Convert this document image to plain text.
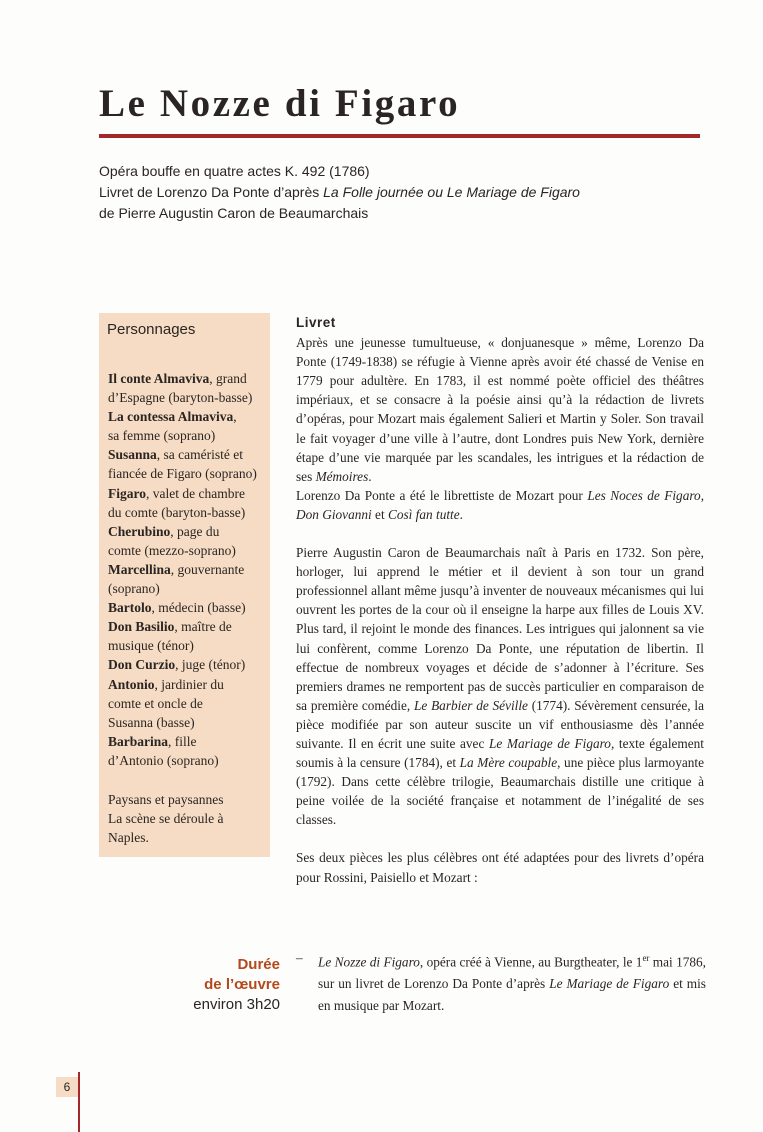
Le Nozze di Figaro
Opéra bouffe en quatre actes K. 492 (1786)
Livret de Lorenzo Da Ponte d’après La Folle journée ou Le Mariage de Figaro
de Pierre Augustin Caron de Beaumarchais
Personnages
Il conte Almaviva, grand
d’Espagne (baryton-basse)
La contessa Almaviva,
sa femme (soprano)
Susanna, sa caméristé et
fiancée de Figaro (soprano)
Figaro, valet de chambre
du comte (baryton-basse)
Cherubino, page du
comte (mezzo-soprano)
Marcellina, gouvernante
(soprano)
Bartolo, médecin (basse)
Don Basilio, maître de
musique (ténor)
Don Curzio, juge (ténor)
Antonio, jardinier du
comte et oncle de
Susanna (basse)
Barbarina, fille
d’Antonio (soprano)
Paysans et paysannes
La scène se déroule à
Naples.
Livret

Après une jeunesse tumultueuse, « donjuanesque » même, Lorenzo Da Ponte (1749-1838) se réfugie à Vienne après avoir été chassé de Venise en 1779 pour adultère. En 1783, il est nommé poète officiel des théâtres impériaux, et se consacre à la poésie ainsi qu’à la rédaction de livrets d’opéras, pour Mozart mais également Salieri et Martin y Soler. Son travail le fait voyager d’une ville à l’autre, dont Londres puis New York, dernière étape d’une vie marquée par les scandales, les intrigues et la rédaction de ses Mémoires.

Lorenzo Da Ponte a été le librettiste de Mozart pour Les Noces de Figaro, Don Giovanni et Così fan tutte.

Pierre Augustin Caron de Beaumarchais naît à Paris en 1732. Son père, horloger, lui apprend le métier et il devient à son tour un grand professionnel allant même jusqu’à inventer de nouveaux mécanismes qui lui ouvrent les portes de la cour où il enseigne la harpe aux filles de Louis XV. Plus tard, il rejoint le monde des finances. Les intrigues qui jalonnent sa vie lui confèrent, comme Lorenzo Da Ponte, une réputation de libertin. Il effectue de nombreux voyages et décide de s’adonner à l’écriture. Ses premiers drames ne remportent pas de succès particulier en comparaison de sa première comédie, Le Barbier de Séville (1774). Sévèrement censurée, la pièce modifiée par son auteur suscite un vif enthousiasme dès l’année suivante. Il en écrit une suite avec Le Mariage de Figaro, texte également soumis à la censure (1784), et La Mère coupable, une pièce plus larmoyante (1792). Dans cette célèbre trilogie, Beaumarchais distille une critique à peine voilée de la société française et notamment de l’inégalité de ses classes.

Ses deux pièces les plus célèbres ont été adaptées pour des livrets d’opéra pour Rossini, Paisiello et Mozart :

Durée
de l’œuvre
environ 3h20
– Le Nozze di Figaro, opéra créé à Vienne, au Burgtheater, le 1er mai 1786, sur un livret de Lorenzo Da Ponte d’après Le Mariage de Figaro et mis en musique par Mozart.
6
